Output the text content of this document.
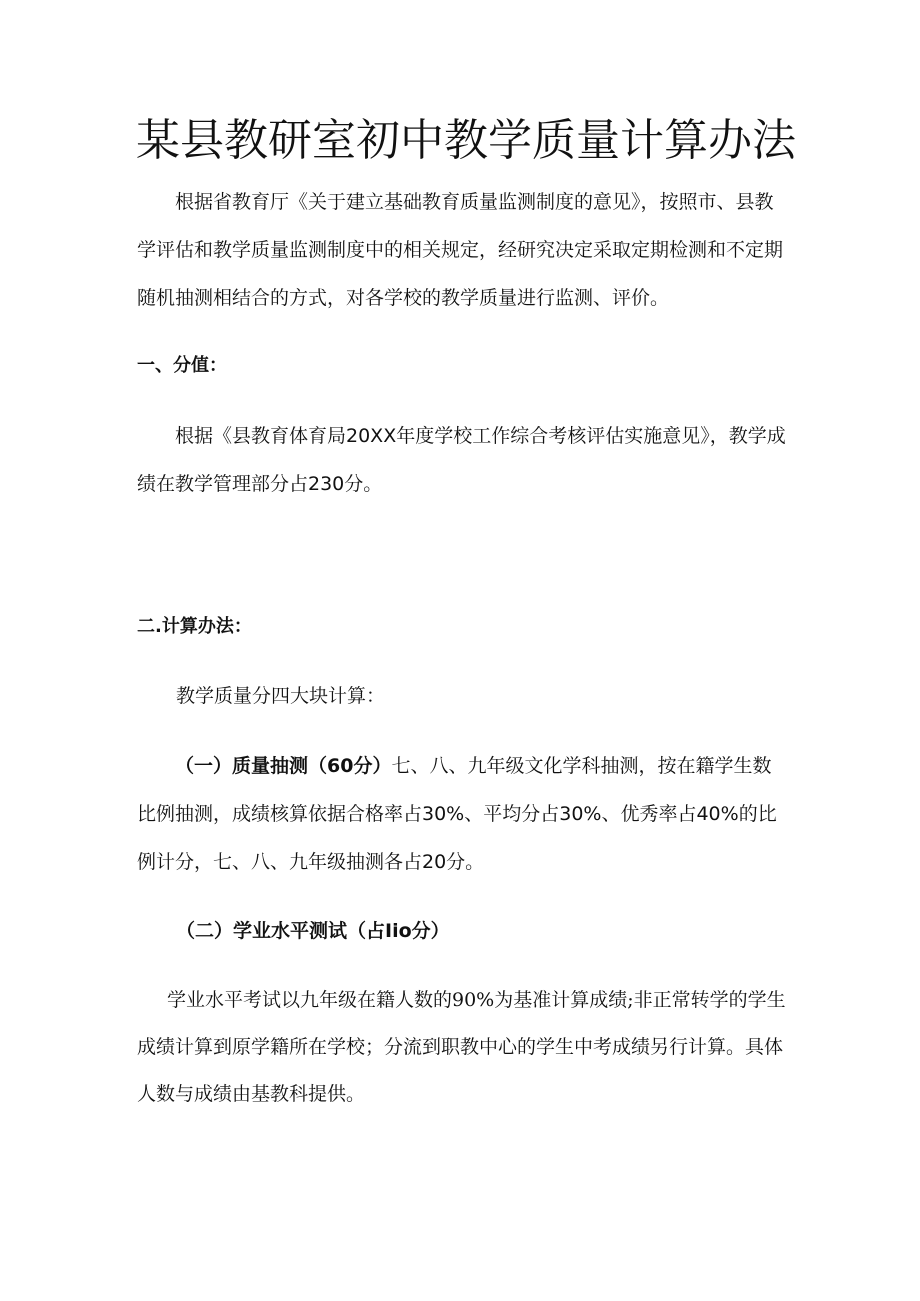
某县教研室初中教学质量计算办法

根据省教育厅《关于建立基础教育质量监测制度的意见》，按照市、县教学评估和教学质量监测制度中的相关规定，经研究决定采取定期检测和不定期随机抽测相结合的方式，对各学校的教学质量进行监测、评价。

一、分值：

根据《县教育体育局20XX年度学校工作综合考核评估实施意见》，教学成绩在教学管理部分占230分。

二.计算办法：

教学质量分四大块计算：

（一）质量抽测（60分）七、八、九年级文化学科抽测，按在籍学生数比例抽测，成绩核算依据合格率占30%、平均分占30%、优秀率占40%的比例计分，七、八、九年级抽测各占20分。

（二）学业水平测试（占Iio分）

学业水平考试以九年级在籍人数的90%为基准计算成绩;非正常转学的学生成绩计算到原学籍所在学校；分流到职教中心的学生中考成绩另行计算。具体人数与成绩由基教科提供。
